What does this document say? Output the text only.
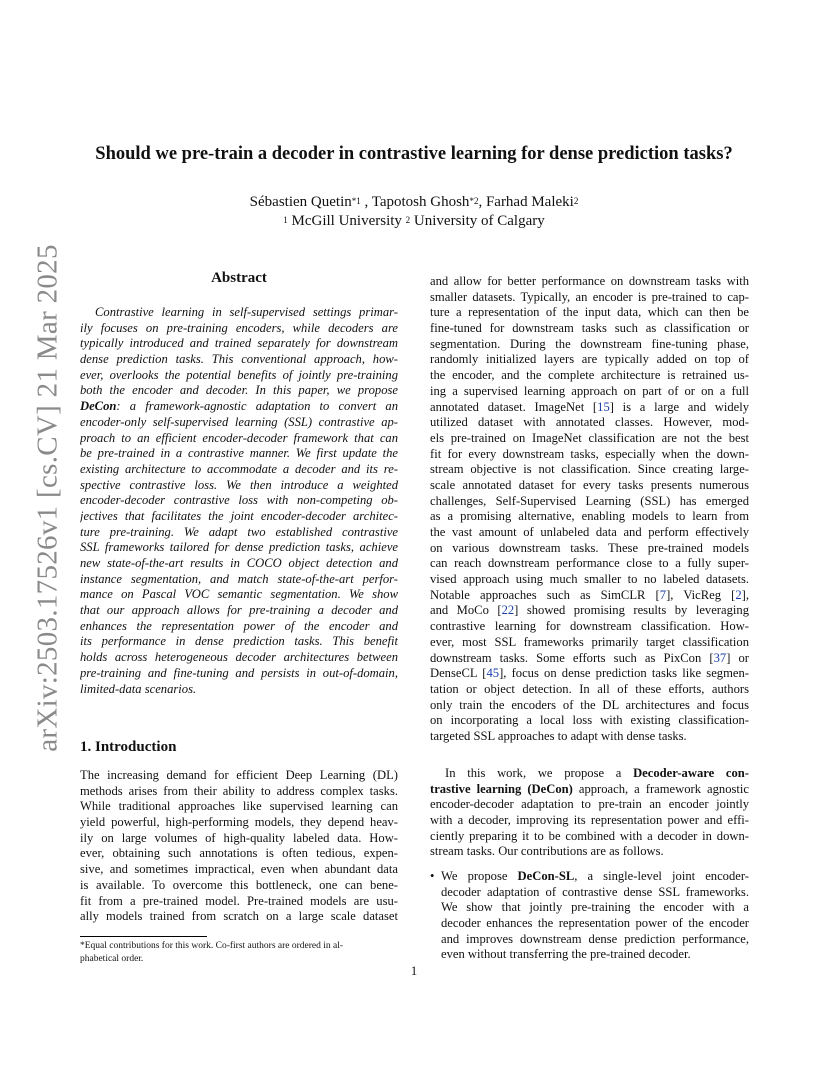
arXiv:2503.17526v1 [cs.CV] 21 Mar 2025
Should we pre-train a decoder in contrastive learning for dense prediction tasks?
Sébastien Quetin$^{*1}$ , Tapotosh Ghosh$^{*2}$, Farhad Maleki$^2$
$^1$ McGill University $^2$ University of Calgary
Abstract
Contrastive learning in self-supervised settings primar-
ily focuses on pre-training encoders, while decoders are
typically introduced and trained separately for downstream
dense prediction tasks. This conventional approach, how-
ever, overlooks the potential benefits of jointly pre-training
both the encoder and decoder. In this paper, we propose
DeCon: a framework-agnostic adaptation to convert an
encoder-only self-supervised learning (SSL) contrastive ap-
proach to an efficient encoder-decoder framework that can
be pre-trained in a contrastive manner. We first update the
existing architecture to accommodate a decoder and its re-
spective contrastive loss. We then introduce a weighted
encoder-decoder contrastive loss with non-competing ob-
jectives that facilitates the joint encoder-decoder architec-
ture pre-training. We adapt two established contrastive
SSL frameworks tailored for dense prediction tasks, achieve
new state-of-the-art results in COCO object detection and
instance segmentation, and match state-of-the-art perfor-
mance on Pascal VOC semantic segmentation. We show
that our approach allows for pre-training a decoder and
enhances the representation power of the encoder and
its performance in dense prediction tasks. This benefit
holds across heterogeneous decoder architectures between
pre-training and fine-tuning and persists in out-of-domain,
limited-data scenarios.
1. Introduction
The increasing demand for efficient Deep Learning (DL)
methods arises from their ability to address complex tasks.
While traditional approaches like supervised learning can
yield powerful, high-performing models, they depend heav-
ily on large volumes of high-quality labeled data. How-
ever, obtaining such annotations is often tedious, expen-
sive, and sometimes impractical, even when abundant data
is available. To overcome this bottleneck, one can bene-
fit from a pre-trained model. Pre-trained models are usu-
ally models trained from scratch on a large scale dataset
and allow for better performance on downstream tasks with
smaller datasets. Typically, an encoder is pre-trained to cap-
ture a representation of the input data, which can then be
fine-tuned for downstream tasks such as classification or
segmentation. During the downstream fine-tuning phase,
randomly initialized layers are typically added on top of
the encoder, and the complete architecture is retrained us-
ing a supervised learning approach on part of or on a full
annotated dataset. ImageNet [15] is a large and widely
utilized dataset with annotated classes. However, mod-
els pre-trained on ImageNet classification are not the best
fit for every downstream tasks, especially when the down-
stream objective is not classification. Since creating large-
scale annotated dataset for every tasks presents numerous
challenges, Self-Supervised Learning (SSL) has emerged
as a promising alternative, enabling models to learn from
the vast amount of unlabeled data and perform effectively
on various downstream tasks. These pre-trained models
can reach downstream performance close to a fully super-
vised approach using much smaller to no labeled datasets.
Notable approaches such as SimCLR [7], VicReg [2],
and MoCo [22] showed promising results by leveraging
contrastive learning for downstream classification. How-
ever, most SSL frameworks primarily target classification
downstream tasks. Some efforts such as PixCon [37] or
DenseCL [45], focus on dense prediction tasks like segmen-
tation or object detection. In all of these efforts, authors
only train the encoders of the DL architectures and focus
on incorporating a local loss with existing classification-
targeted SSL approaches to adapt with dense tasks.
In this work, we propose a Decoder-aware con-
trastive learning (DeCon) approach, a framework agnostic
encoder-decoder adaptation to pre-train an encoder jointly
with a decoder, improving its representation power and effi-
ciently preparing it to be combined with a decoder in down-
stream tasks. Our contributions are as follows.
• We propose DeCon-SL, a single-level joint encoder-
decoder adaptation of contrastive dense SSL frameworks.
We show that jointly pre-training the encoder with a
decoder enhances the representation power of the encoder
and improves downstream dense prediction performance,
even without transferring the pre-trained decoder.
*Equal contributions for this work. Co-first authors are ordered in al-
phabetical order.
1
